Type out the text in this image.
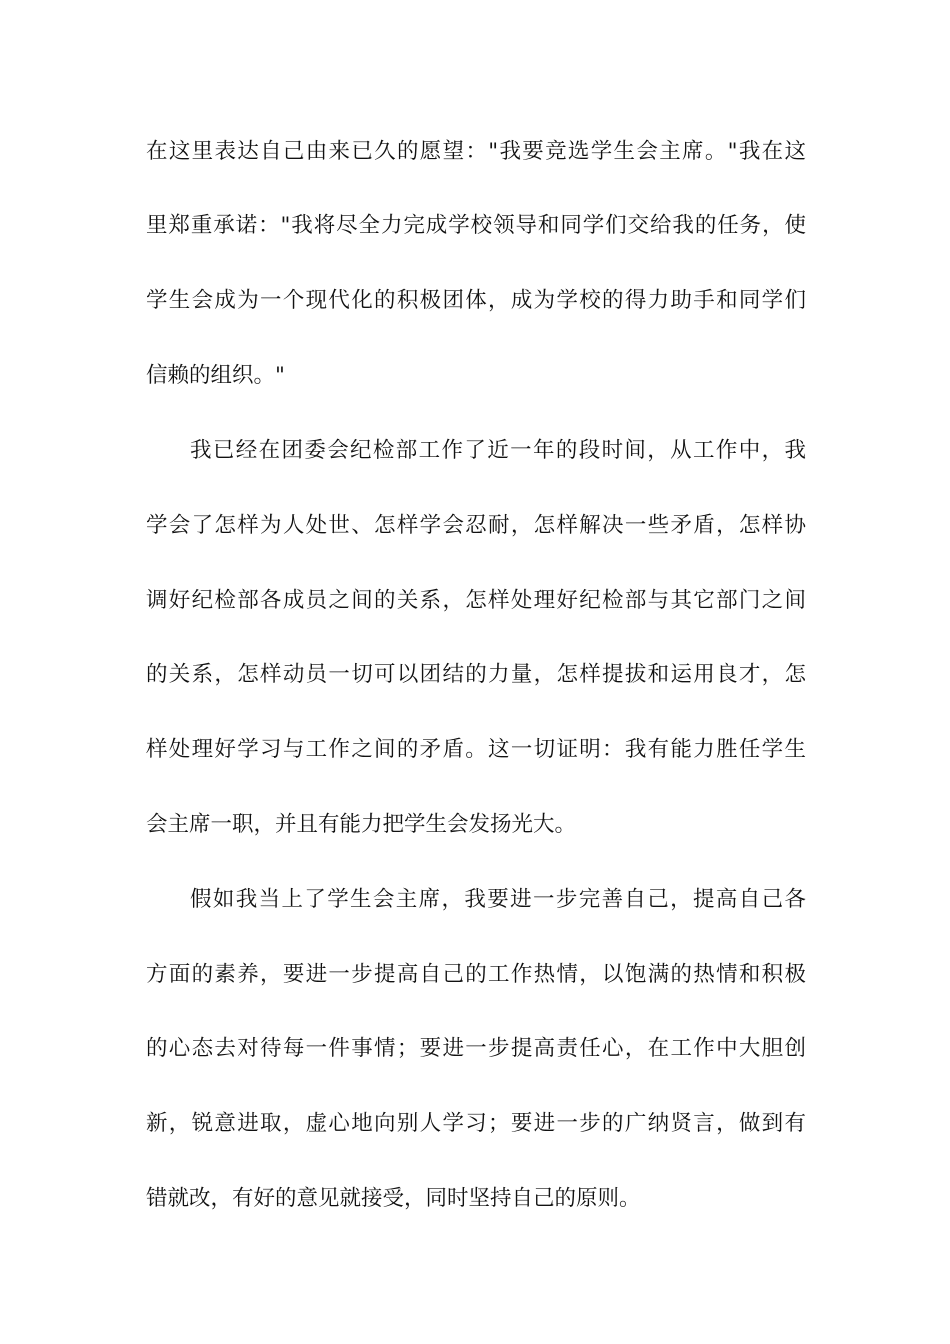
在这里表达自己由来已久的愿望："我要竞选学生会主席。"我在这
里郑重承诺："我将尽全力完成学校领导和同学们交给我的任务，使
学生会成为一个现代化的积极团体，成为学校的得力助手和同学们
信赖的组织。"
我已经在团委会纪检部工作了近一年的段时间，从工作中，我
学会了怎样为人处世、怎样学会忍耐，怎样解决一些矛盾，怎样协
调好纪检部各成员之间的关系，怎样处理好纪检部与其它部门之间
的关系，怎样动员一切可以团结的力量，怎样提拔和运用良才，怎
样处理好学习与工作之间的矛盾。这一切证明：我有能力胜任学生
会主席一职，并且有能力把学生会发扬光大。
假如我当上了学生会主席，我要进一步完善自己，提高自己各
方面的素养，要进一步提高自己的工作热情，以饱满的热情和积极
的心态去对待每一件事情；要进一步提高责任心，在工作中大胆创
新，锐意进取，虚心地向别人学习；要进一步的广纳贤言，做到有
错就改，有好的意见就接受，同时坚持自己的原则。
